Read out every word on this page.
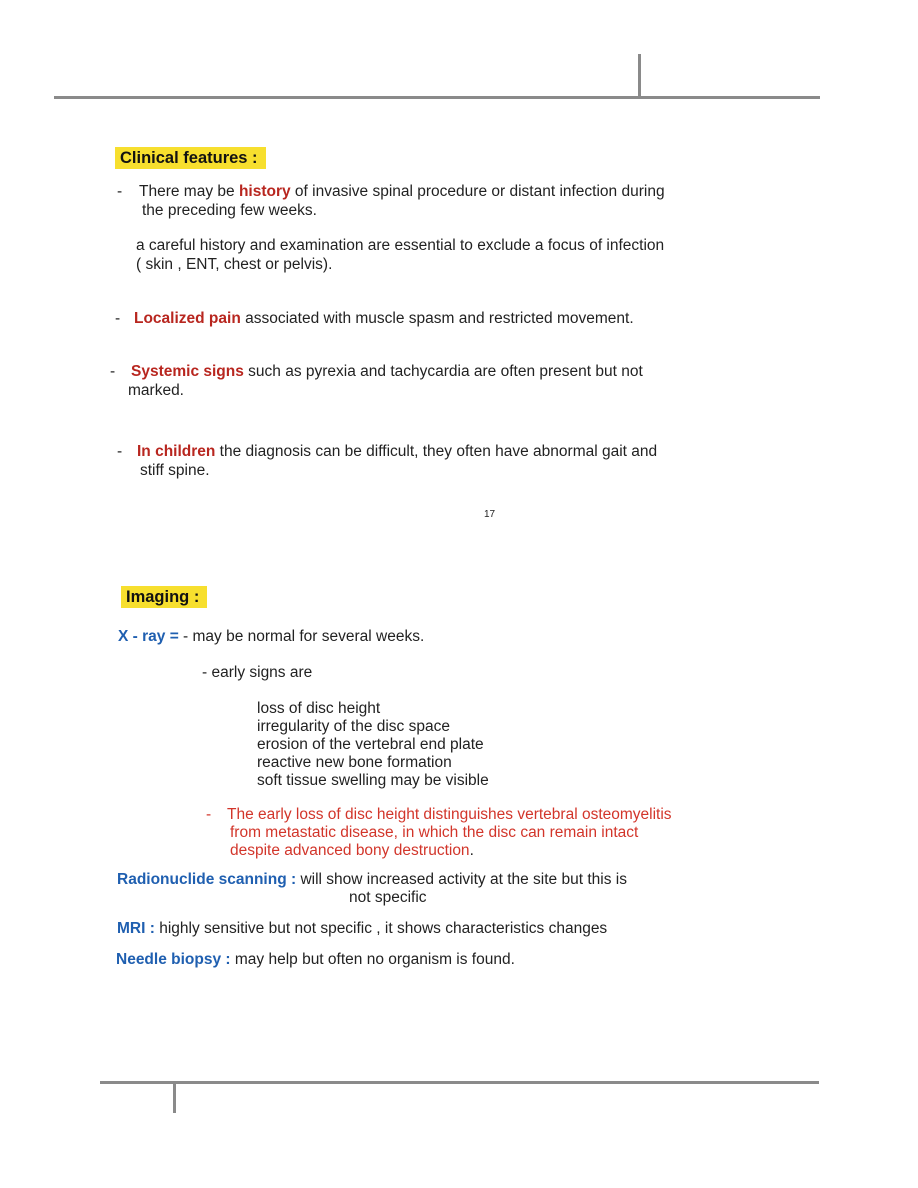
Clinical features :
- There may be history of invasive spinal procedure or distant infection during
the preceding few weeks.
a careful history and examination are essential to exclude a focus of infection
( skin , ENT, chest or pelvis).
- Localized pain associated with muscle spasm and restricted movement.
- Systemic signs such as pyrexia and tachycardia are often present but not
marked.
- In children the diagnosis can be difficult, they often have abnormal gait and
stiff spine.
17
Imaging :
X - ray = - may be normal for several weeks.
- early signs are
loss of disc height
irregularity of the disc space
erosion of the vertebral end plate
reactive new bone formation
soft tissue swelling may be visible
- The early loss of disc height distinguishes vertebral osteomyelitis
from metastatic disease, in which the disc can remain intact
despite advanced bony destruction.
Radionuclide scanning : will show increased activity at the site but this is
not specific
MRI : highly sensitive but not specific , it shows characteristics changes
Needle biopsy : may help but often no organism is found.
